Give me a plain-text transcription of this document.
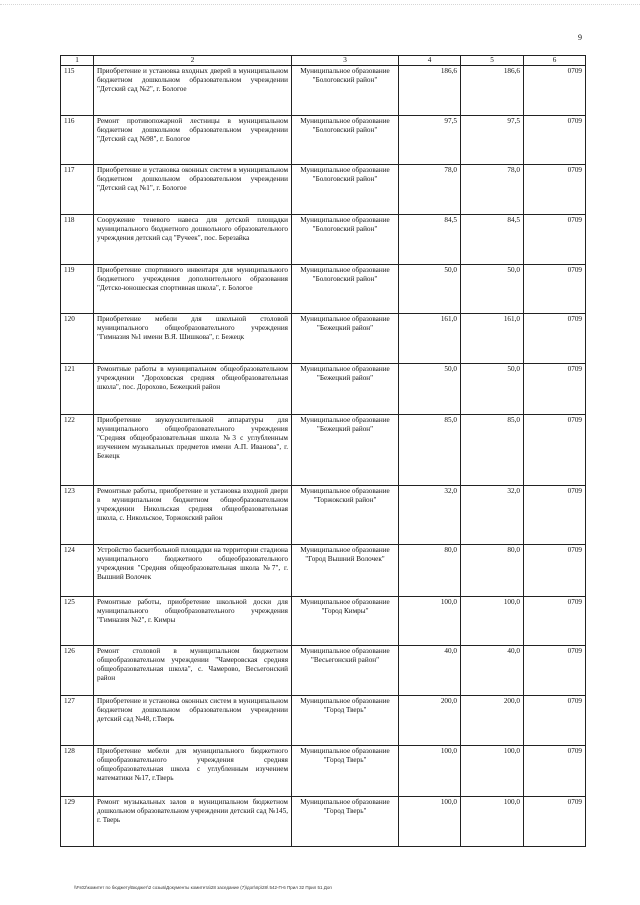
9
1	2	3	4	5	6
115	Приобретение и установка входных дверей в муниципальном бюджетном дошкольном образовательном учреждении "Детский сад №2", г. Бологое	Муниципальное образование "Бологовский район"	186,6	186,6	0709
116	Ремонт противопожарной лестницы в муниципальном бюджетном дошкольном образовательном учреждении "Детский сад №98", г. Бологое	Муниципальное образование "Бологовский район"	97,5	97,5	0709
117	Приобретение и установка оконных систем в муниципальном бюджетном дошкольном образовательном учреждении "Детский сад №1", г. Бологое	Муниципальное образование "Бологовский район"	78,0	78,0	0709
118	Сооружение теневого навеса для детской площадки муниципального бюджетного дошкольного образовательного учреждения детский сад "Ручеек", пос. Березайка	Муниципальное образование "Бологовский район"	84,5	84,5	0709
119	Приобретение спортивного инвентаря для муниципального бюджетного учреждения дополнительного образования "Детско-юношеская спортивная школа", г. Бологое	Муниципальное образование "Бологовский район"	50,0	50,0	0709
120	Приобретение мебели для школьной столовой муниципального общеобразовательного учреждения "Гимназия №1 имени В.Я. Шишкова", г. Бежецк	Муниципальное образование "Бежецкий район"	161,0	161,0	0709
121	Ремонтные работы в муниципальном общеобразовательном учреждении "Дороховская средняя общеобразовательная школа", пос. Дорохово, Бежецкий район	Муниципальное образование "Бежецкий район"	50,0	50,0	0709
122	Приобретение звукоусилительной аппаратуры для муниципального общеобразовательного учреждения "Средняя общеобразовательная школа №3 с углубленным изучением музыкальных предметов имени А.П. Иванова", г. Бежецк	Муниципальное образование "Бежецкий район"	85,0	85,0	0709
123	Ремонтные работы, приобретение и установка входной двери в муниципальном бюджетном общеобразовательном учреждении Никольская средняя общеобразовательная школа, с. Никольское, Торжокский район	Муниципальное образование "Торжокский район"	32,0	32,0	0709
124	Устройство баскетбольной площадки на территории стадиона муниципального бюджетного общеобразовательного учреждения "Средняя общеобразовательная школа №7", г. Вышний Волочек	Муниципальное образование "Город Вышний Волочек"	80,0	80,0	0709
125	Ремонтные работы, приобретение школьной доски для муниципального общеобразовательного учреждения "Гимназия №2", г. Кимры	Муниципальное образование "Город Кимры"	100,0	100,0	0709
126	Ремонт столовой в муниципальном бюджетном общеобразовательном учреждении "Чамеровская средняя общеобразовательная школа", с. Чамерово, Весьегонский район	Муниципальное образование "Весьегонский район"	40,0	40,0	0709
127	Приобретение и установка оконных систем в муниципальном бюджетном дошкольном образовательном учреждении детский сад №48, г.Тверь	Муниципальное образование "Город Тверь"	200,0	200,0	0709
128	Приобретение мебели для муниципального бюджетного общеобразовательного учреждения средняя общеобразовательная школа с углубленным изучением математики №17, г.Тверь	Муниципальное образование "Город Тверь"	100,0	100,0	0709
129	Ремонт музыкальных залов в муниципальном бюджетном дошкольном образовательном учреждении детский сад №145, г. Тверь	Муниципальное образование "Город Тверь"	100,0	100,0	0709
\\Fs02\комитет по бюджету\Бюджет\2 созыв\Документы комитета\28 заседание (7)\доп\пр\28\ 542-П-6 Прил 32 Прил 51 Доп
